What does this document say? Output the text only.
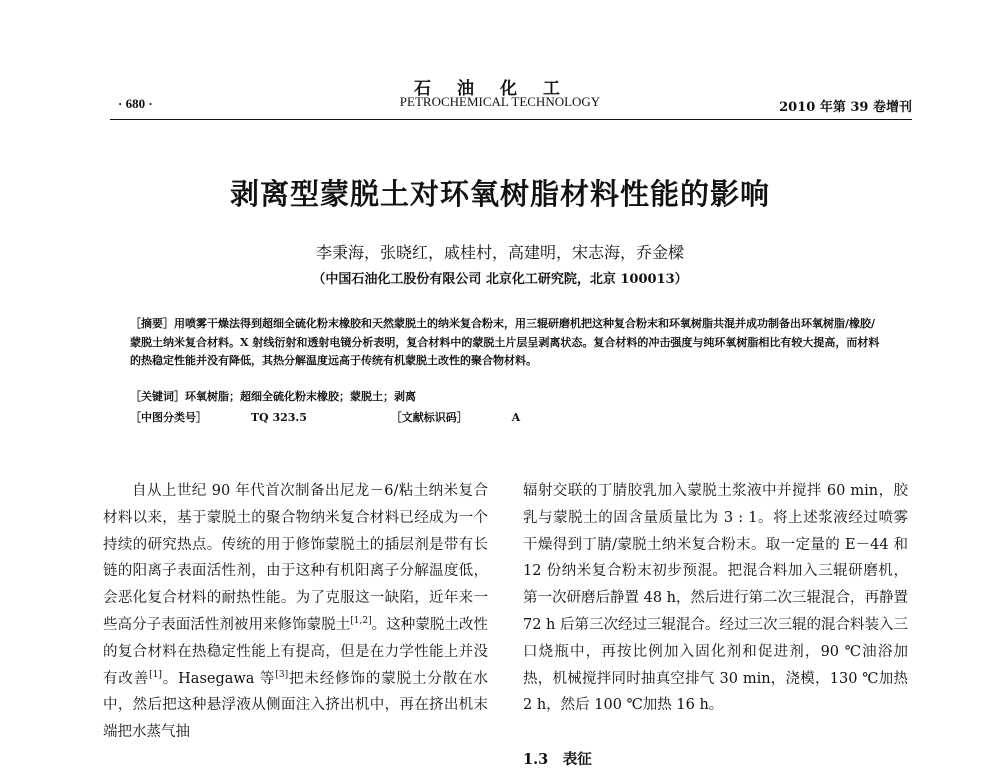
石油化工
· 680 ·	PETROCHEMICAL TECHNOLOGY	2010 年第 39 卷增刊
剥离型蒙脱土对环氧树脂材料性能的影响
李秉海，张晓红，戚桂村，高建明，宋志海，乔金樑
（中国石油化工股份有限公司 北京化工研究院，北京 100013）

［摘要］用喷雾干燥法得到超细全硫化粉末橡胶和天然蒙脱土的纳米复合粉末，用三辊研磨机把这种复合粉末和环氧树脂共混并成功制备出环氧树脂/橡胶/蒙脱土纳米复合材料。X 射线衍射和透射电镜分析表明，复合材料中的蒙脱土片层呈剥离状态。复合材料的冲击强度与纯环氧树脂相比有较大提高，而材料的热稳定性能并没有降低，其热分解温度远高于传统有机蒙脱土改性的聚合物材料。

［关键词］环氧树脂；超细全硫化粉末橡胶；蒙脱土；剥离
［中图分类号］	TQ 323.5	［文献标识码］	A

自从上世纪 90 年代首次制备出尼龙－6/粘土纳米复合材料以来，基于蒙脱土的聚合物纳米复合材料已经成为一个持续的研究热点。传统的用于修饰蒙脱土的插层剂是带有长链的阳离子表面活性剂，由于这种有机阳离子分解温度低，会恶化复合材料的耐热性能。为了克服这一缺陷，近年来一些高分子表面活性剂被用来修饰蒙脱土[1,2]。这种蒙脱土改性的复合材料在热稳定性能上有提高，但是在力学性能上并没有改善[1]。Hasegawa 等[3]把未经修饰的蒙脱土分散在水中，然后把这种悬浮液从侧面注入挤出机中，再在挤出机末端把水蒸气抽

辐射交联的丁腈胶乳加入蒙脱土浆液中并搅拌 60 min，胶乳与蒙脱土的固含量质量比为 3 : 1。将上述浆液经过喷雾干燥得到丁腈/蒙脱土纳米复合粉末。取一定量的 E－44 和 12 份纳米复合粉末初步预混。把混合料加入三辊研磨机，第一次研磨后静置 48 h，然后进行第二次三辊混合，再静置 72 h 后第三次经过三辊混合。经过三次三辊的混合料装入三口烧瓶中，再按比例加入固化剂和促进剂，90 ℃油浴加热，机械搅拌同时抽真空排气 30 min，浇模，130 ℃加热 2 h，然后 100 ℃加热 16 h。

1.3　表征
